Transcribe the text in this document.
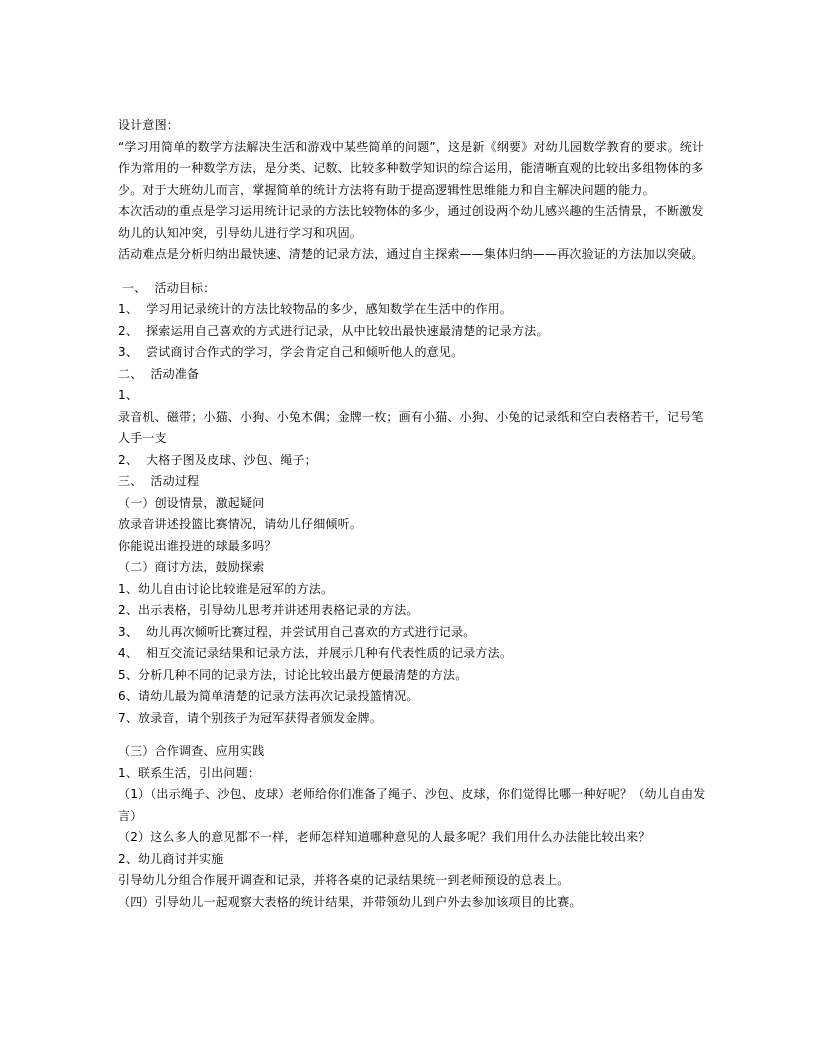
设计意图：

“学习用简单的数学方法解决生活和游戏中某些简单的问题”，这是新《纲要》对幼儿园数学教育的要求。统计作为常用的一种数学方法，是分类、记数、比较多种数学知识的综合运用，能清晰直观的比较出多组物体的多少。对于大班幼儿而言，掌握简单的统计方法将有助于提高逻辑性思维能力和自主解决问题的能力。

本次活动的重点是学习运用统计记录的方法比较物体的多少，通过创设两个幼儿感兴趣的生活情景，不断激发幼儿的认知冲突，引导幼儿进行学习和巩固。

活动难点是分析归纳出最快速、清楚的记录方法，通过自主探索——集体归纳——再次验证的方法加以突破。

一、  活动目标：

1、  学习用记录统计的方法比较物品的多少，感知数学在生活中的作用。

2、  探索运用自己喜欢的方式进行记录，从中比较出最快速最清楚的记录方法。

3、  尝试商讨合作式的学习，学会肯定自己和倾听他人的意见。

二、  活动准备

1、

录音机、磁带；小猫、小狗、小兔木偶；金牌一枚；画有小猫、小狗、小兔的记录纸和空白表格若干，记号笔人手一支

2、  大格子图及皮球、沙包、绳子；

三、  活动过程

（一）创设情景，激起疑问

放录音讲述投篮比赛情况，请幼儿仔细倾听。

你能说出谁投进的球最多吗？

（二）商讨方法，鼓励探索

1、幼儿自由讨论比较谁是冠军的方法。

2、出示表格，引导幼儿思考并讲述用表格记录的方法。

3、  幼儿再次倾听比赛过程，并尝试用自己喜欢的方式进行记录。

4、  相互交流记录结果和记录方法，并展示几种有代表性质的记录方法。

5、分析几种不同的记录方法，讨论比较出最方便最清楚的方法。

6、请幼儿最为简单清楚的记录方法再次记录投篮情况。

7、放录音，请个别孩子为冠军获得者颁发金牌。

（三）合作调查、应用实践

1、联系生活，引出问题：

（1）（出示绳子、沙包、皮球）老师给你们准备了绳子、沙包、皮球，你们觉得比哪一种好呢？（幼儿自由发言）

（2）这么多人的意见都不一样，老师怎样知道哪种意见的人最多呢？我们用什么办法能比较出来？

2、幼儿商讨并实施

引导幼儿分组合作展开调查和记录，并将各桌的记录结果统一到老师预设的总表上。

（四）引导幼儿一起观察大表格的统计结果，并带领幼儿到户外去参加该项目的比赛。
